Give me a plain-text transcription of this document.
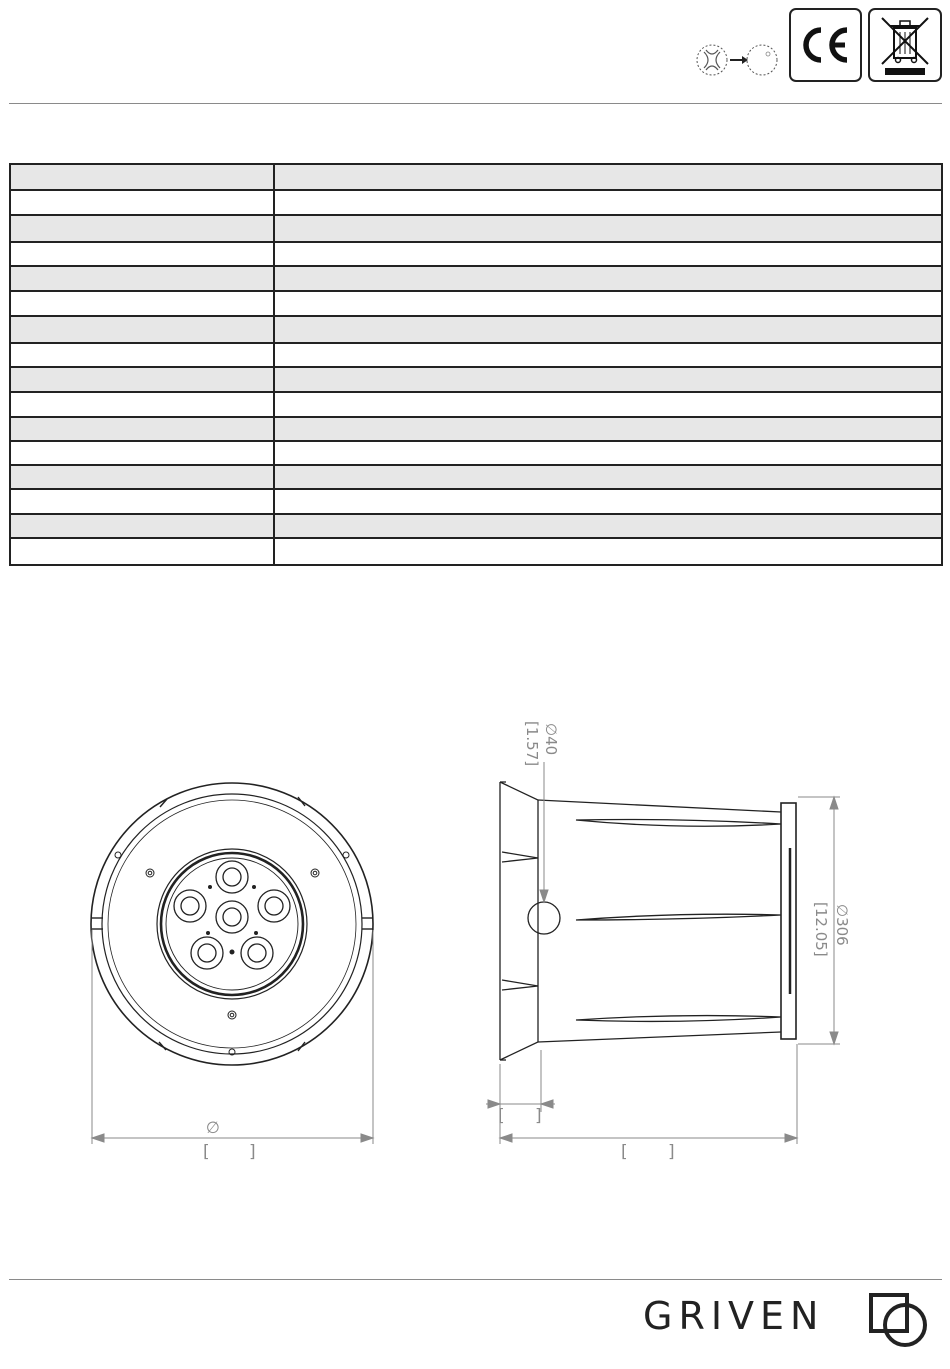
∅
[ ]
∅40
[1.57]
∅306
[12.05]
[ ]
[ ]
GRIVEN
